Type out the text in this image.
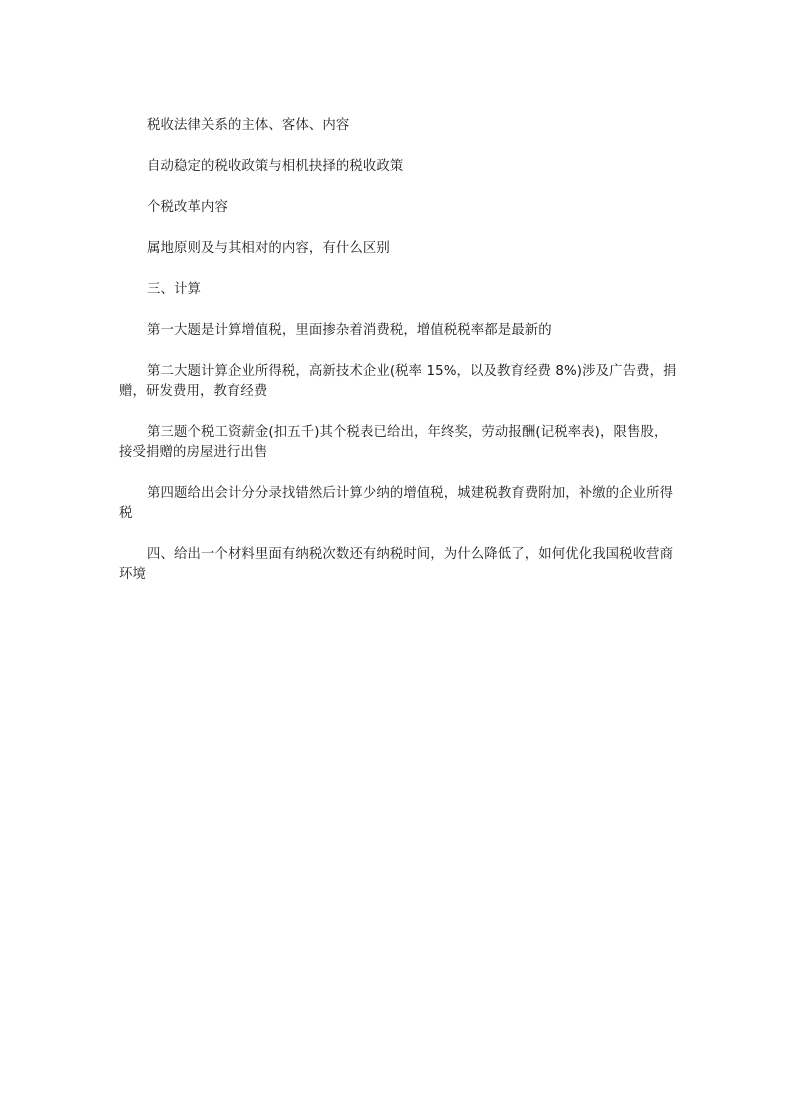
税收法律关系的主体、客体、内容

自动稳定的税收政策与相机抉择的税收政策

个税改革内容

属地原则及与其相对的内容，有什么区别

三、计算

第一大题是计算增值税，里面掺杂着消费税，增值税税率都是最新的

第二大题计算企业所得税，高新技术企业(税率 15%，以及教育经费 8%)涉及广告费，捐赠，研发费用，教育经费

第三题个税工资薪金(扣五千)其个税表已给出，年终奖，劳动报酬(记税率表)，限售股，接受捐赠的房屋进行出售

第四题给出会计分分录找错然后计算少纳的增值税，城建税教育费附加，补缴的企业所得税

四、给出一个材料里面有纳税次数还有纳税时间，为什么降低了，如何优化我国税收营商环境
